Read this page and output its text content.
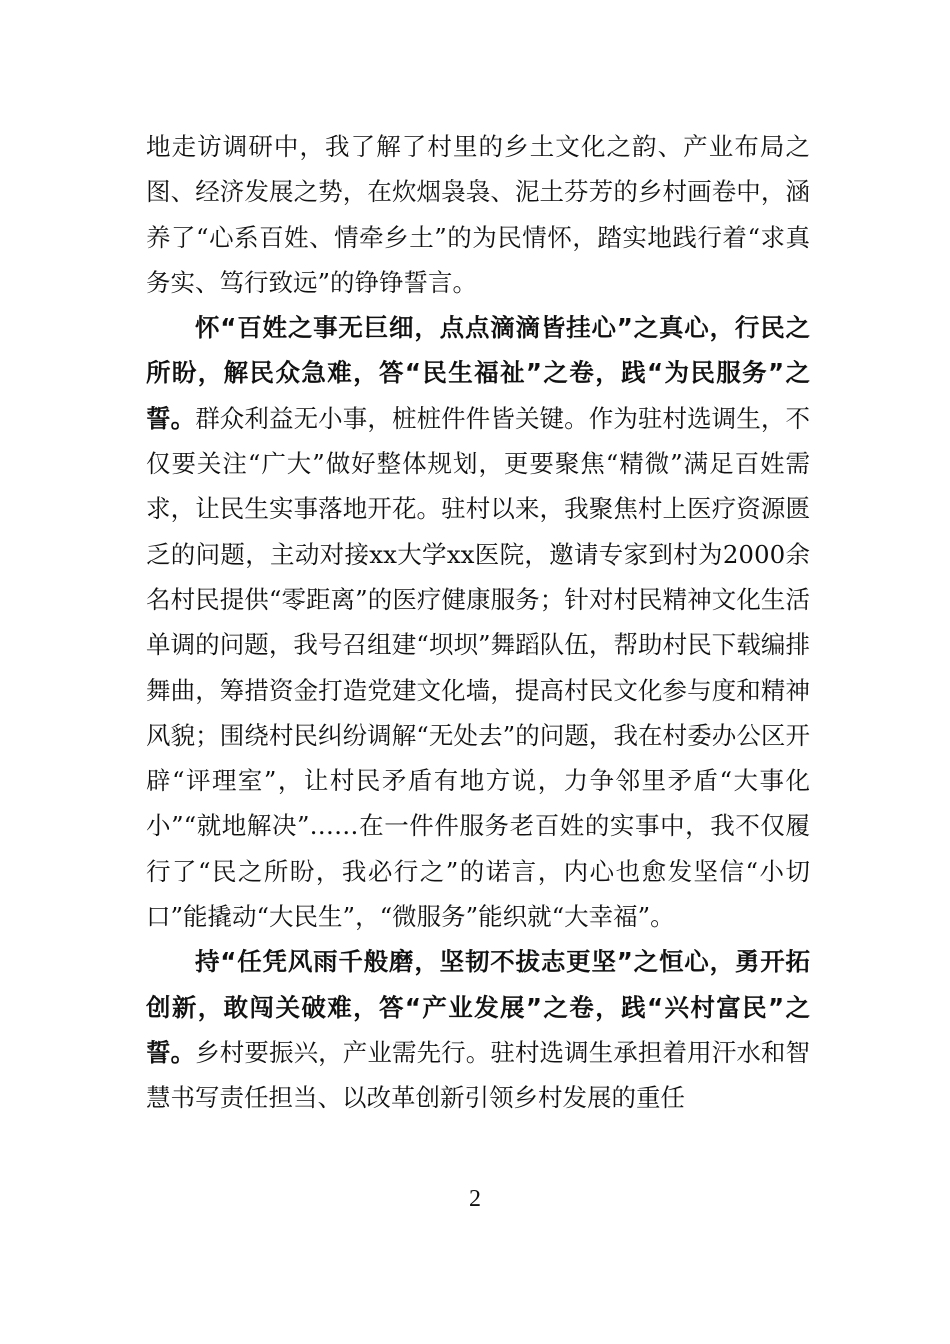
地走访调研中，我了解了村里的乡土文化之韵、产业布局之图、经济发展之势，在炊烟袅袅、泥土芬芳的乡村画卷中，涵养了“心系百姓、情牵乡土”的为民情怀，踏实地践行着“求真务实、笃行致远”的铮铮誓言。

怀“百姓之事无巨细，点点滴滴皆挂心”之真心，行民之所盼，解民众急难，答“民生福祉”之卷，践“为民服务”之誓。群众利益无小事，桩桩件件皆关键。作为驻村选调生，不仅要关注“广大”做好整体规划，更要聚焦“精微”满足百姓需求，让民生实事落地开花。驻村以来，我聚焦村上医疗资源匮乏的问题，主动对接xx大学xx医院，邀请专家到村为2000余名村民提供“零距离”的医疗健康服务；针对村民精神文化生活单调的问题，我号召组建“坝坝”舞蹈队伍，帮助村民下载编排舞曲，筹措资金打造党建文化墙，提高村民文化参与度和精神风貌；围绕村民纠纷调解“无处去”的问题，我在村委办公区开辟“评理室”，让村民矛盾有地方说，力争邻里矛盾“大事化小”“就地解决”……在一件件服务老百姓的实事中，我不仅履行了“民之所盼，我必行之”的诺言，内心也愈发坚信“小切口”能撬动“大民生”，“微服务”能织就“大幸福”。

持“任凭风雨千般磨，坚韧不拔志更坚”之恒心，勇开拓创新，敢闯关破难，答“产业发展”之卷，践“兴村富民”之誓。乡村要振兴，产业需先行。驻村选调生承担着用汗水和智慧书写责任担当、以改革创新引领乡村发展的重任

2
